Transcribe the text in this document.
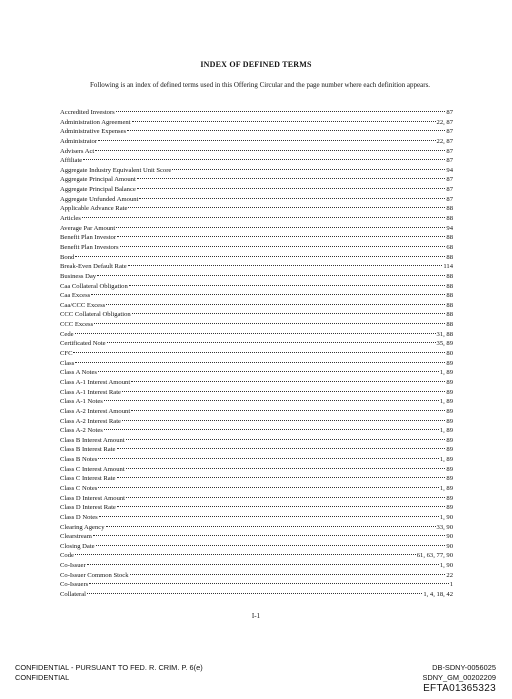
INDEX OF DEFINED TERMS
Following is an index of defined terms used in this Offering Circular and the page number where each definition appears.
Accredited Investors	87
Administration Agreement	22, 87
Administrative Expenses	87
Administrator	22, 87
Advisers Act	87
Affiliate	87
Aggregate Industry Equivalent Unit Score	94
Aggregate Principal Amount	87
Aggregate Principal Balance	87
Aggregate Unfunded Amount	87
Applicable Advance Rate	88
Articles	88
Average Par Amount	94
Benefit Plan Investor	88
Benefit Plan Investors	68
Bond	88
Break-Even Default Rate	114
Business Day	88
Caa Collateral Obligation	88
Caa Excess	88
Caa/CCC Excess	88
CCC Collateral Obligation	88
CCC Excess	88
Cede	31, 88
Certificated Note	35, 89
CFC	80
Class	89
Class A Notes	1, 89
Class A-1 Interest Amount	89
Class A-1 Interest Rate	89
Class A-1 Notes	1, 89
Class A-2 Interest Amount	89
Class A-2 Interest Rate	89
Class A-2 Notes	1, 89
Class B Interest Amount	89
Class B Interest Rate	89
Class B Notes	1, 89
Class C Interest Amount	89
Class C Interest Rate	89
Class C Notes	1, 89
Class D Interest Amount	89
Class D Interest Rate	89
Class D Notes	1, 90
Clearing Agency	33, 90
Clearstream	90
Closing Date	90
Code	61, 63, 77, 90
Co-Issuer	1, 90
Co-Issuer Common Stock	22
Co-Issuers	1
Collateral	1, 4, 18, 42
I-1
CONFIDENTIAL - PURSUANT TO FED. R. CRIM. P. 6(e)
CONFIDENTIAL
DB-SDNY-0056025
SDNY_GM_00202209
EFTA01365323
